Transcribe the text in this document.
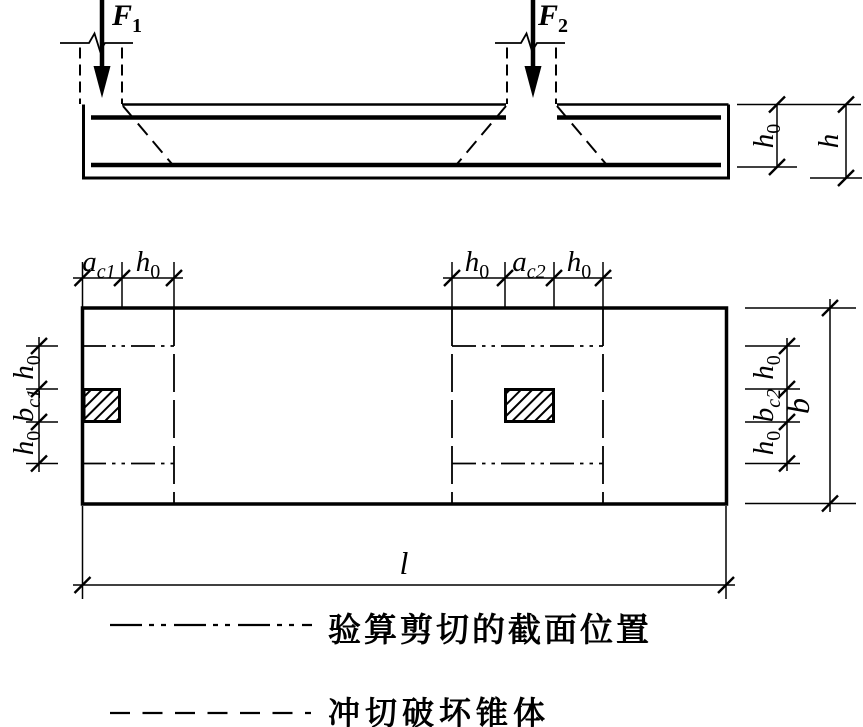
$F_1$	$F_2$
$h_0$
h
$a_{c1}$ $h_0$	$h_0$ $a_{c2}$ $h_0$
$h_0$
$b_{c1}$
$h_0$
$h_0$
$b_{c2}$
$h_0$
b
l
验算剪切的截面位置
冲切破坏锥体
